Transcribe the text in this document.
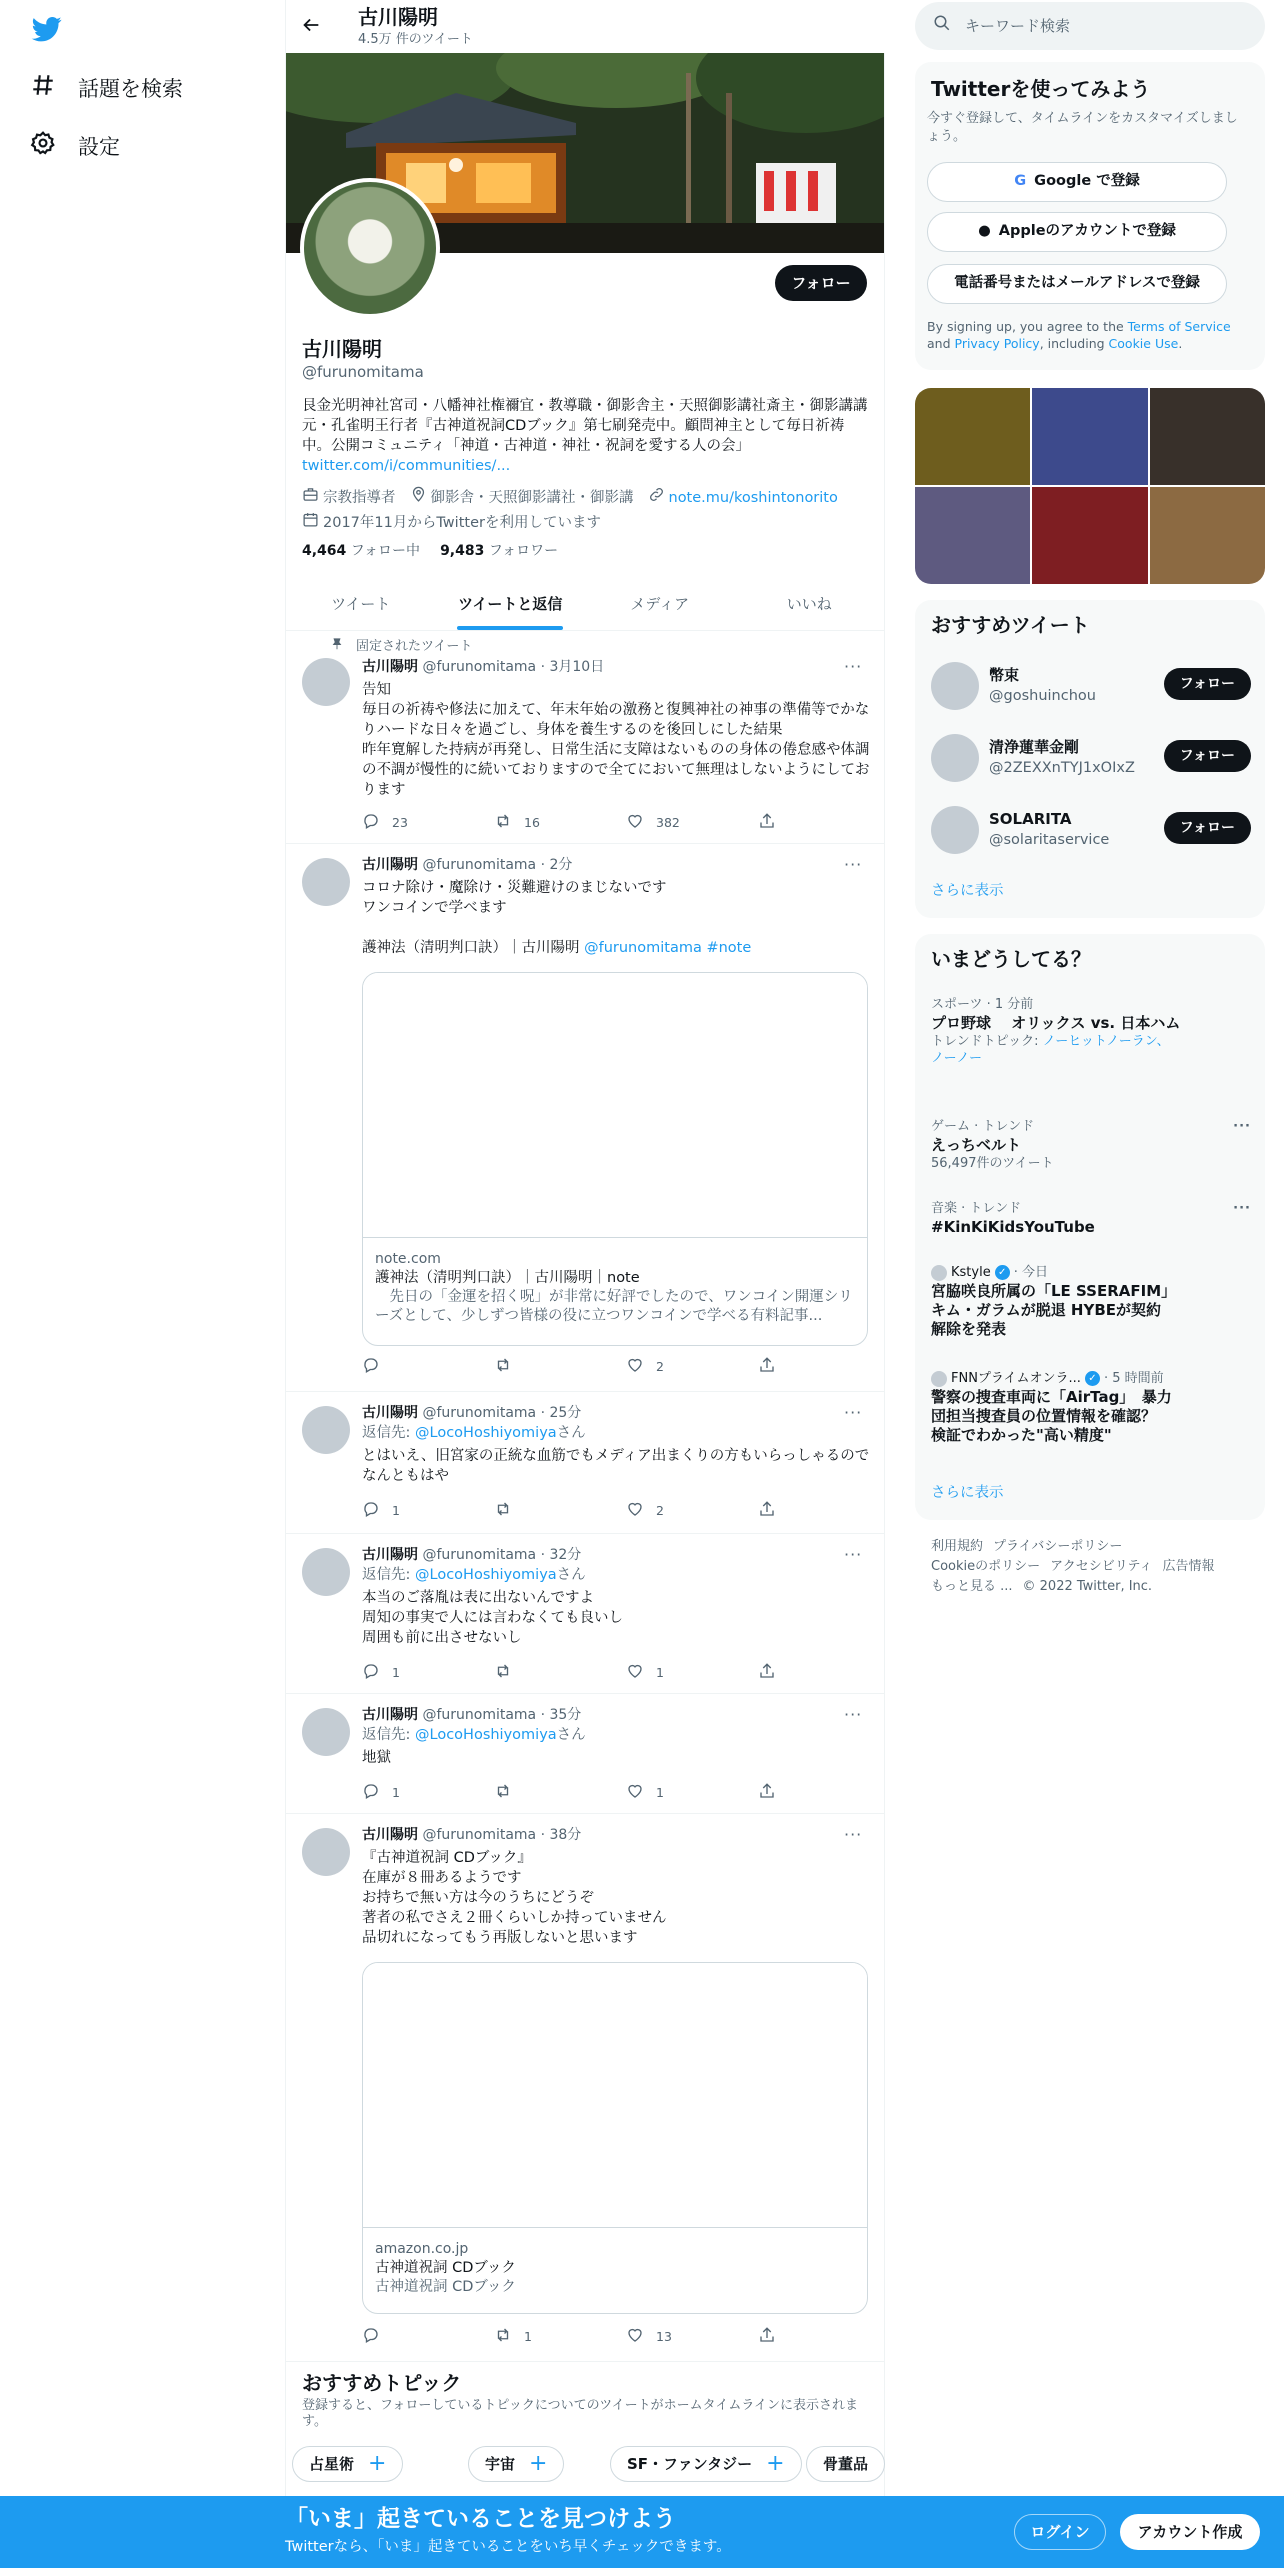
話題を検索
設定
古川陽明
4.5万 件のツイート
フォロー
古川陽明
@furunomitama
艮金光明神社宮司・八幡神社権禰宜・教導職・御影舎主・天照御影講社斎主・御影講講元・孔雀明王行者『古神道祝詞CDブック』第七刷発売中。顧問神主として毎日祈祷中。公開コミュニティ「神道・古神道・神社・祝詞を愛する人の会」twitter.com/i/communities/...
宗教指導者 御影舎・天照御影講社・御影講 note.mu/koshintonorito
2017年11月からTwitterを利用しています
4,464 フォロー中 9,483 フォロワー
ツイート	ツイートと返信	メディア	いいね
固定されたツイート
古川陽明 @furunomitama · 3月10日	···
告知
毎日の祈祷や修法に加えて、年末年始の激務と復興神社の神事の準備等でかなりハードな日々を過ごし、身体を養生するのを後回しにした結果
昨年寛解した持病が再発し、日常生活に支障はないものの身体の倦怠感や体調の不調が慢性的に続いておりますので全てにおいて無理はしないようにしております
23	16	382
古川陽明 @furunomitama · 2分	···
コロナ除け・魔除け・災難避けのまじないです
ワンコインで学べます

護神法（清明判口訣）｜古川陽明 @furunomitama #note
note.com
護神法（清明判口訣）｜古川陽明｜note
　先日の「金運を招く呪」が非常に好評でしたので、ワンコイン開運シリーズとして、少しずつ皆様の役に立つワンコインで学べる有料記事...
2
古川陽明 @furunomitama · 25分	···
返信先: @LocoHoshiyomiyaさん
とはいえ、旧宮家の正統な血筋でもメディア出まくりの方もいらっしゃるのでなんともはや
1	2
古川陽明 @furunomitama · 32分	···
返信先: @LocoHoshiyomiyaさん
本当のご落胤は表に出ないんですよ
周知の事実で人には言わなくても良いし
周囲も前に出させないし
1	1
古川陽明 @furunomitama · 35分	···
返信先: @LocoHoshiyomiyaさん
地獄
1	1
古川陽明 @furunomitama · 38分	···
『古神道祝詞 CDブック』
在庫が８冊あるようです
お持ちで無い方は今のうちにどうぞ
著者の私でさえ２冊くらいしか持っていません
品切れになってもう再版しないと思います
amazon.co.jp
古神道祝詞 CDブック
古神道祝詞 CDブック
1	13
おすすめトピック
登録すると、フォローしているトピックについてのツイートがホームタイムラインに表示されます。
占星術 +	宇宙 +	SF・ファンタジー +	骨董品
キーワード検索
Twitterを使ってみよう
今すぐ登録して、タイムラインをカスタマイズしましょう。
G Google で登録
● Appleのアカウントで登録
電話番号またはメールアドレスで登録
By signing up, you agree to the Terms of Service and Privacy Policy, including Cookie Use.
おすすめツイート
幣束
@goshuinchou
フォロー
清浄蓮華金剛
@2ZEXXnTYJ1xOIxZ
フォロー
SOLARITA
@solaritaservice
フォロー
さらに表示
いまどうしてる？
スポーツ · 1 分前
プロ野球　 オリックス vs. 日本ハム
トレンドトピック: ノーヒットノーラン、ノーノー
ゲーム · トレンド
えっちベルト
56,497件のツイート
···
音楽 · トレンド
#KinKiKidsYouTube
···
Kstyle ✓ · 今日
宮脇咲良所属の「LE SSERAFIM」キム・ガラムが脱退 HYBEが契約解除を発表
FNNプライムオンラ... ✓ · 5 時間前
警察の捜査車両に「AirTag」　暴力団担当捜査員の位置情報を確認？　検証でわかった"高い精度"
さらに表示
利用規約 プライバシーポリシー
Cookieのポリシー アクセシビリティ 広告情報
もっと見る ... © 2022 Twitter, Inc.
「いま」起きていることを見つけよう
Twitterなら、「いま」起きていることをいち早くチェックできます。
ログイン	アカウント作成
